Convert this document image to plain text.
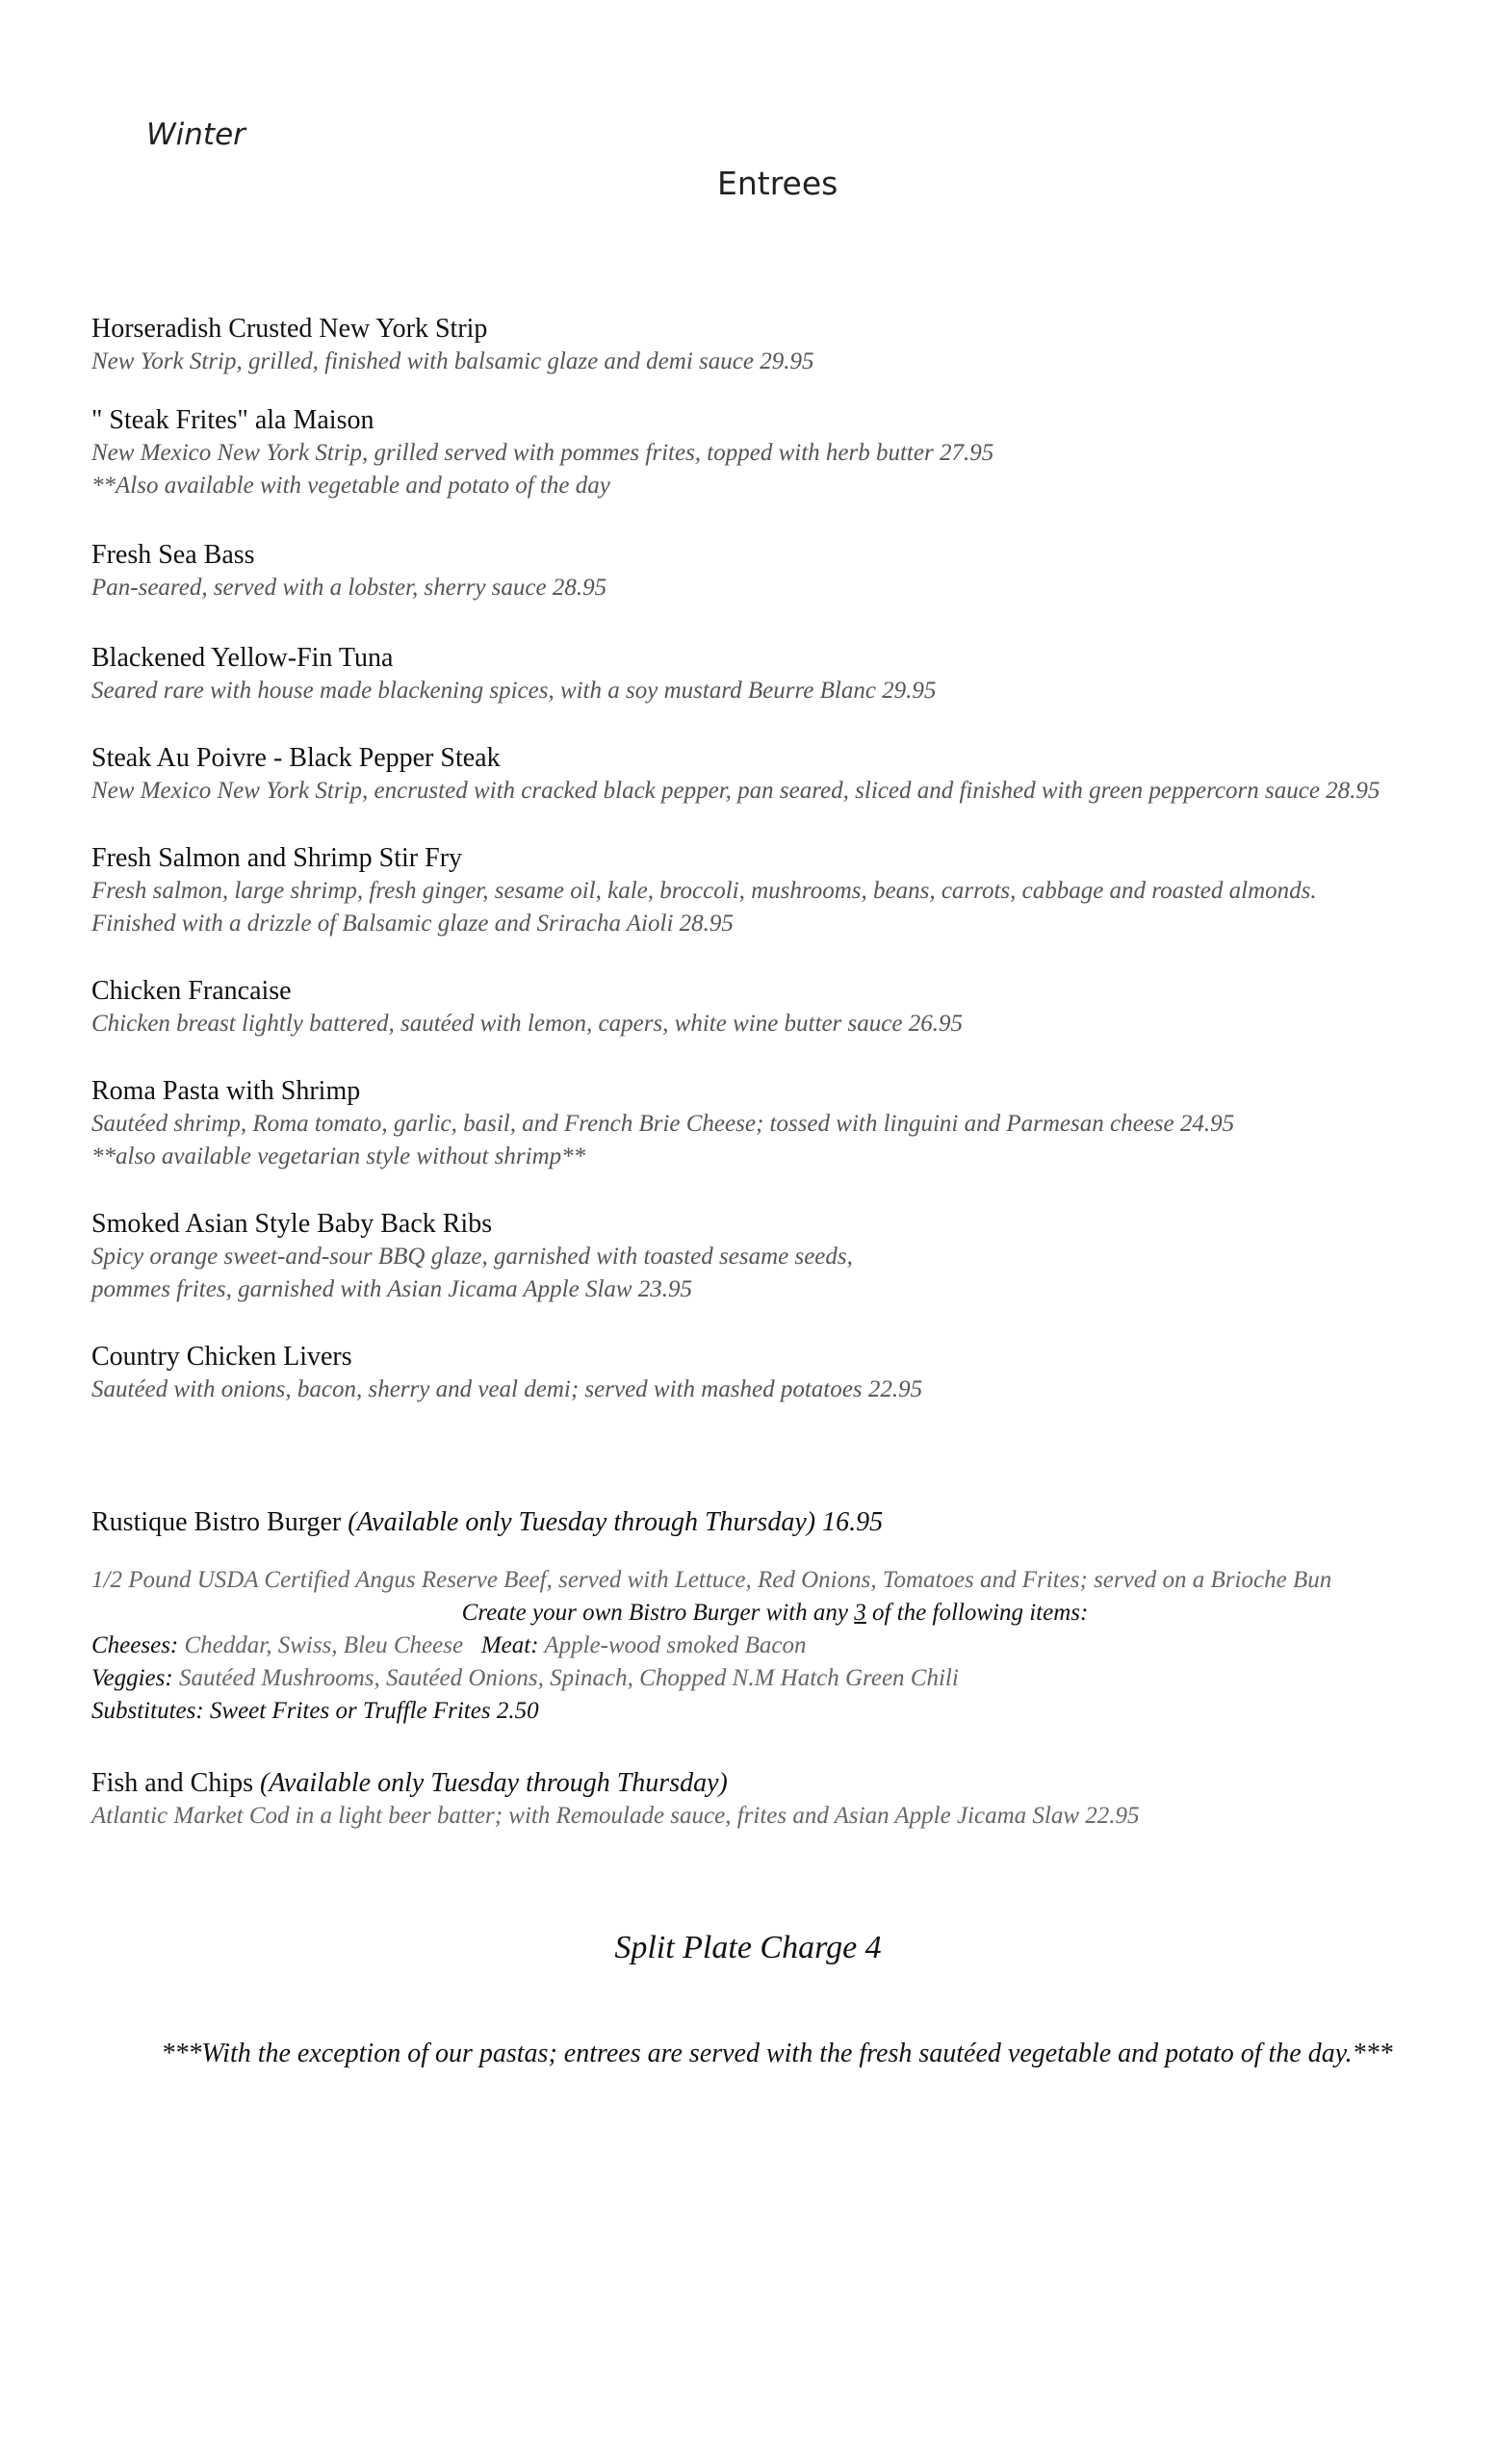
Winter
Entrees
Horseradish Crusted New York Strip
New York Strip, grilled, finished with balsamic glaze and demi sauce 29.95
" Steak Frites" ala Maison
New Mexico New York Strip, grilled served with pommes frites, topped with herb butter 27.95
**Also available with vegetable and potato of the day
Fresh Sea Bass
Pan-seared, served with a lobster, sherry sauce 28.95
Blackened Yellow-Fin Tuna
Seared rare with house made blackening spices, with a soy mustard Beurre Blanc 29.95
Steak Au Poivre - Black Pepper Steak
New Mexico New York Strip, encrusted with cracked black pepper, pan seared, sliced and finished with green peppercorn sauce 28.95
Fresh Salmon and Shrimp Stir Fry
Fresh salmon, large shrimp, fresh ginger, sesame oil, kale, broccoli, mushrooms, beans, carrots, cabbage and roasted almonds.
Finished with a drizzle of Balsamic glaze and Sriracha Aioli 28.95
Chicken Francaise
Chicken breast lightly battered, sautéed with lemon, capers, white wine butter sauce 26.95
Roma Pasta with Shrimp
Sautéed shrimp, Roma tomato, garlic, basil, and French Brie Cheese; tossed with linguini and Parmesan cheese 24.95
**also available vegetarian style without shrimp**
Smoked Asian Style Baby Back Ribs
Spicy orange sweet-and-sour BBQ glaze, garnished with toasted sesame seeds,
pommes frites, garnished with Asian Jicama Apple Slaw 23.95
Country Chicken Livers
Sautéed with onions, bacon, sherry and veal demi; served with mashed potatoes 22.95
Rustique Bistro Burger (Available only Tuesday through Thursday) 16.95
1/2 Pound USDA Certified Angus Reserve Beef, served with Lettuce, Red Onions, Tomatoes and Frites; served on a Brioche Bun
Create your own Bistro Burger with any 3 of the following items:
Cheeses: Cheddar, Swiss, Bleu Cheese Meat: Apple-wood smoked Bacon
Veggies: Sautéed Mushrooms, Sautéed Onions, Spinach, Chopped N.M Hatch Green Chili
Substitutes: Sweet Frites or Truffle Frites 2.50
Fish and Chips (Available only Tuesday through Thursday)
Atlantic Market Cod in a light beer batter; with Remoulade sauce, frites and Asian Apple Jicama Slaw 22.95
Split Plate Charge 4
***With the exception of our pastas; entrees are served with the fresh sautéed vegetable and potato of the day.***
